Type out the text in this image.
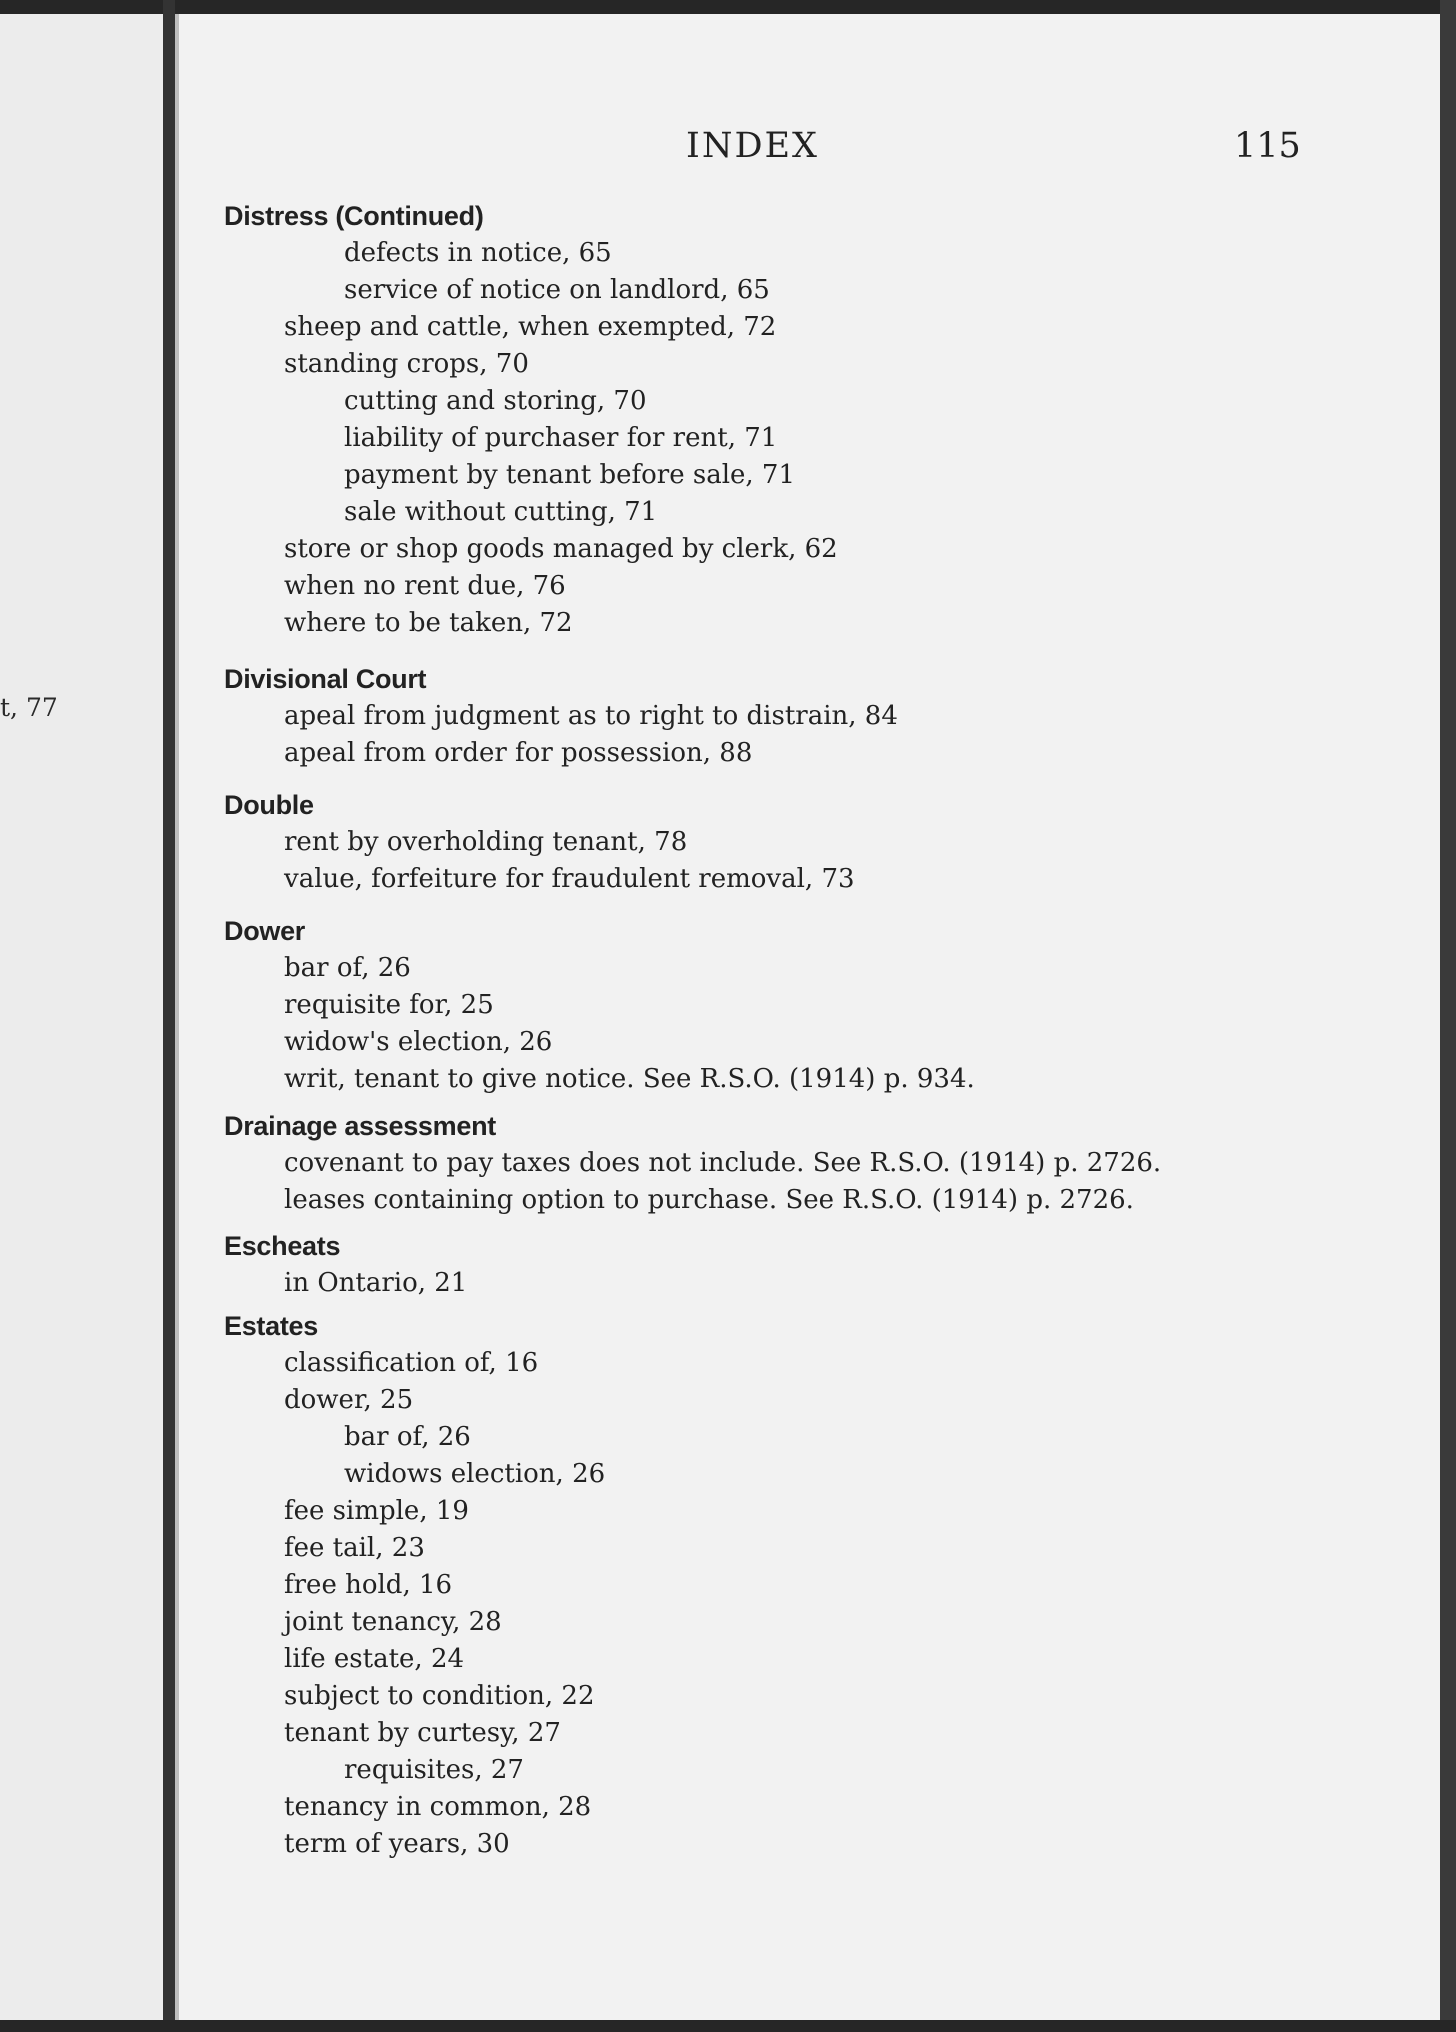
t, 77
INDEX	115
Distress (Continued)
defects in notice, 65
service of notice on landlord, 65
sheep and cattle, when exempted, 72
standing crops, 70
cutting and storing, 70
liability of purchaser for rent, 71
payment by tenant before sale, 71
sale without cutting, 71
store or shop goods managed by clerk, 62
when no rent due, 76
where to be taken, 72
Divisional Court
apeal from judgment as to right to distrain, 84
apeal from order for possession, 88
Double
rent by overholding tenant, 78
value, forfeiture for fraudulent removal, 73
Dower
bar of, 26
requisite for, 25
widow's election, 26
writ, tenant to give notice. See R.S.O. (1914) p. 934.
Drainage assessment
covenant to pay taxes does not include. See R.S.O. (1914) p. 2726.
leases containing option to purchase. See R.S.O. (1914) p. 2726.
Escheats
in Ontario, 21
Estates
classification of, 16
dower, 25
bar of, 26
widows election, 26
fee simple, 19
fee tail, 23
free hold, 16
joint tenancy, 28
life estate, 24
subject to condition, 22
tenant by curtesy, 27
requisites, 27
tenancy in common, 28
term of years, 30
